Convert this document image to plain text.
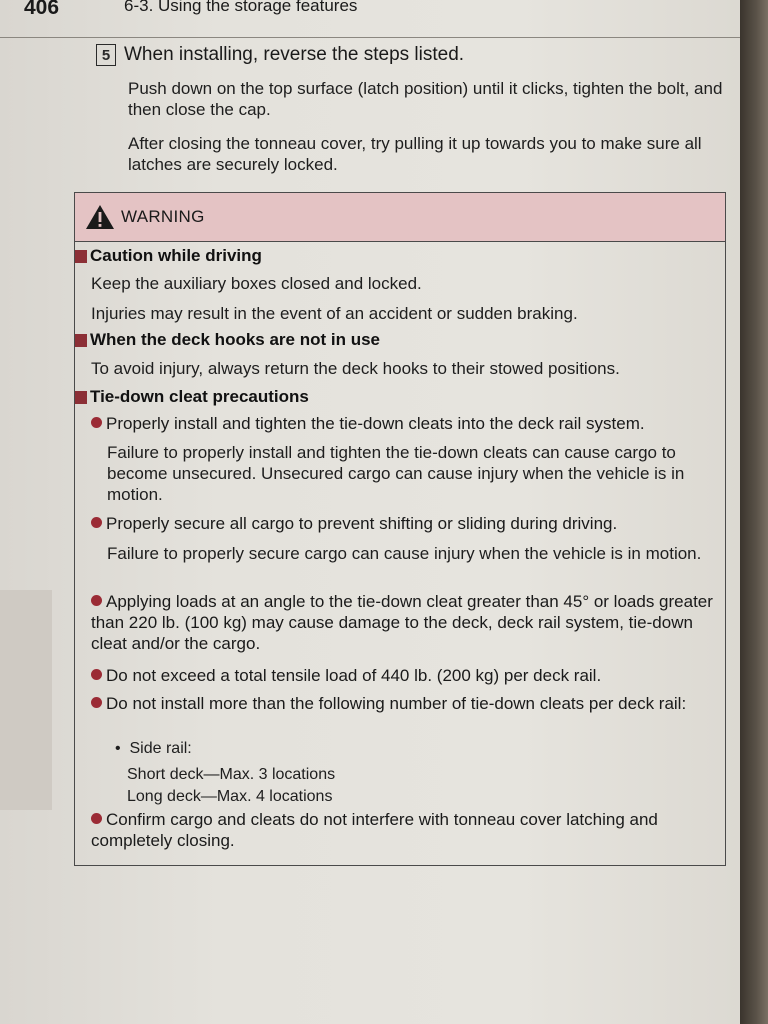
406	6-3. Using the storage features
5 When installing, reverse the steps listed.
Push down on the top surface (latch position) until it clicks, tighten the bolt, and then close the cap.
After closing the tonneau cover, try pulling it up towards you to make sure all latches are securely locked.
WARNING
Caution while driving
Keep the auxiliary boxes closed and locked.
Injuries may result in the event of an accident or sudden braking.
When the deck hooks are not in use
To avoid injury, always return the deck hooks to their stowed positions.
Tie-down cleat precautions
Properly install and tighten the tie-down cleats into the deck rail system.
Failure to properly install and tighten the tie-down cleats can cause cargo to become unsecured. Unsecured cargo can cause injury when the vehicle is in motion.
Properly secure all cargo to prevent shifting or sliding during driving.
Failure to properly secure cargo can cause injury when the vehicle is in motion.
Applying loads at an angle to the tie-down cleat greater than 45° or loads greater than 220 lb. (100 kg) may cause damage to the deck, deck rail system, tie-down cleat and/or the cargo.
Do not exceed a total tensile load of 440 lb. (200 kg) per deck rail.
Do not install more than the following number of tie-down cleats per deck rail:
•  Side rail:
Short deck—Max. 3 locations
Long deck—Max. 4 locations
Confirm cargo and cleats do not interfere with tonneau cover latching and completely closing.
